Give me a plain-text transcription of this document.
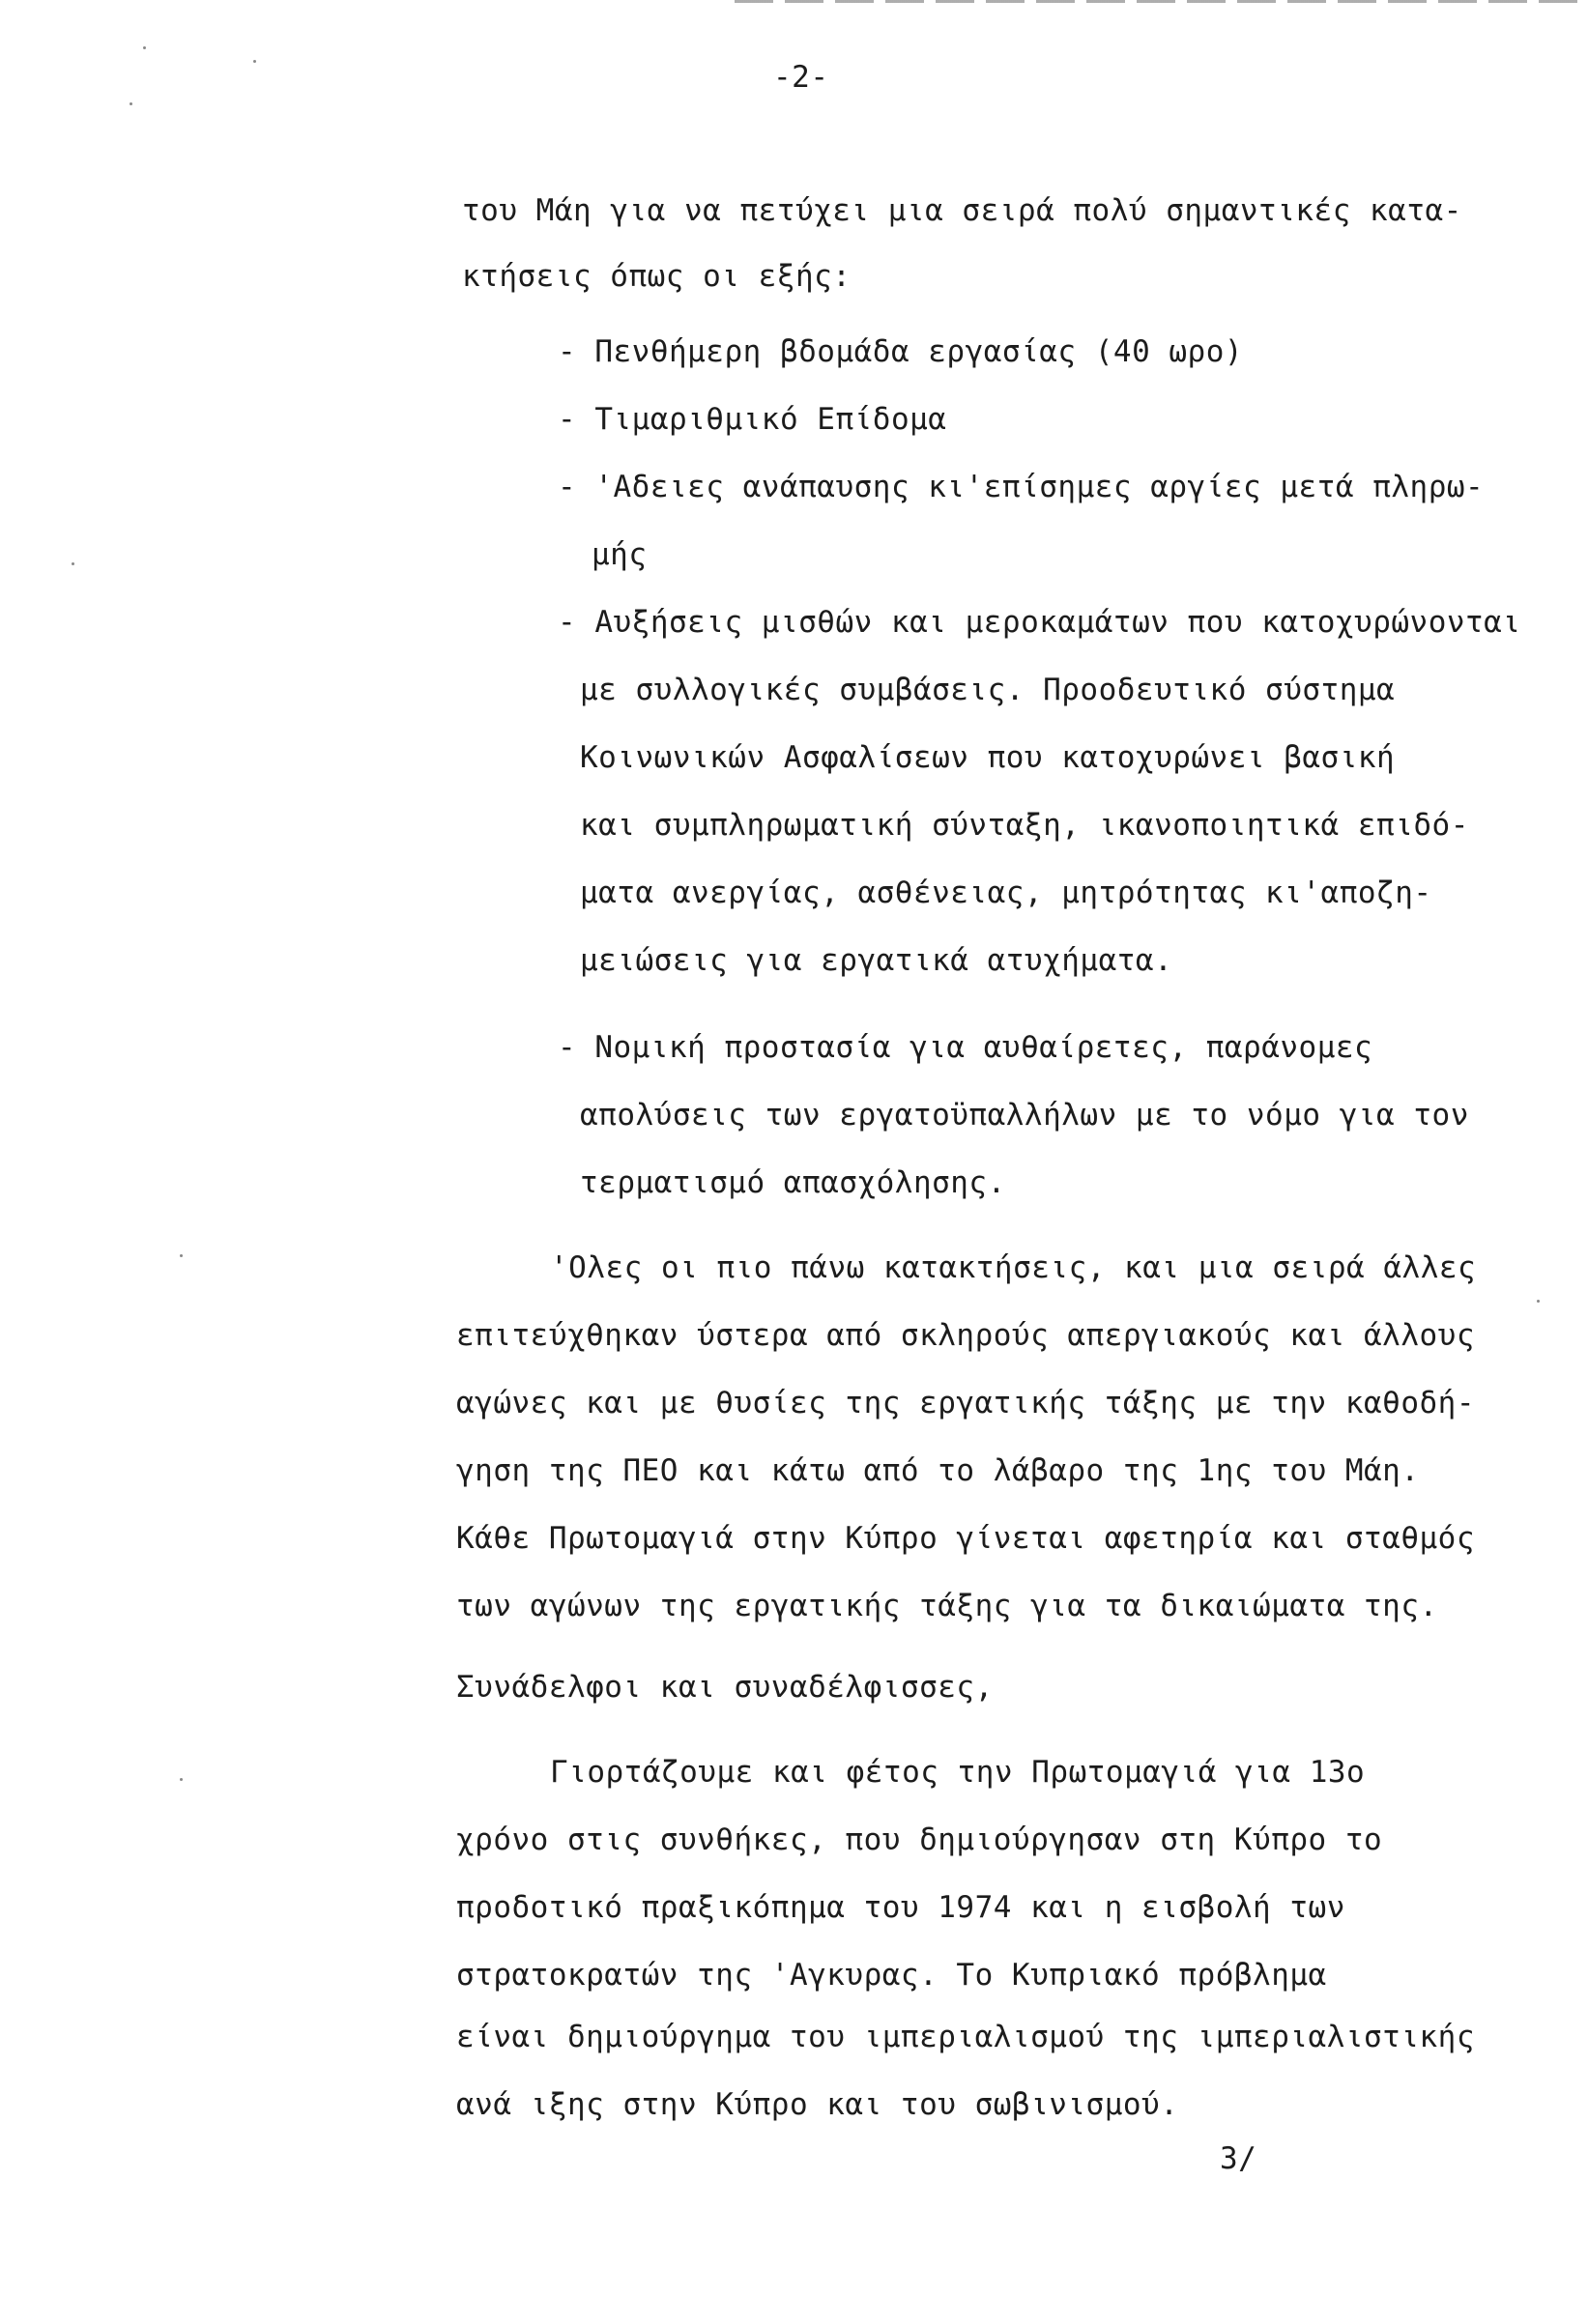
-2-

του Μάη για να πετύχει μια σειρά πολύ σημαντικές κατα-

κτήσεις όπως οι εξής:

- Πενθήμερη βδομάδα εργασίας (40 ωρο)

- Τιμαριθμικό Επίδομα

- 'Αδειες ανάπαυσης κι'επίσημες αργίες μετά πληρω-

μής

- Αυξήσεις μισθών και μεροκαμάτων που κατοχυρώνονται

με συλλογικές συμβάσεις. Προοδευτικό σύστημα

Κοινωνικών Ασφαλίσεων που κατοχυρώνει βασική

και συμπληρωματική σύνταξη, ικανοποιητικά επιδό-

ματα ανεργίας, ασθένειας, μητρότητας κι'αποζη-

μειώσεις για εργατικά ατυχήματα.

- Νομική προστασία για αυθαίρετες, παράνομες

απολύσεις των εργατοϋπαλλήλων με το νόμο για τον

τερματισμό απασχόλησης.

'Ολες οι πιο πάνω κατακτήσεις, και μια σειρά άλλες

επιτεύχθηκαν ύστερα από σκληρούς απεργιακούς και άλλους

αγώνες και με θυσίες της εργατικής τάξης με την καθοδή-

γηση της ΠΕΟ και κάτω από το λάβαρο της 1ης του Μάη.

Κάθε Πρωτομαγιά στην Κύπρο γίνεται αφετηρία και σταθμός

των αγώνων της εργατικής τάξης για τα δικαιώματα της.

Συνάδελφοι και συναδέλφισσες,

Γιορτάζουμε και φέτος την Πρωτομαγιά για 13ο

χρόνο στις συνθήκες, που δημιούργησαν στη Κύπρο το

προδοτικό πραξικόπημα του 1974 και η εισβολή των

στρατοκρατών της 'Αγκυρας. Το Κυπριακό πρόβλημα

είναι δημιούργημα του ιμπεριαλισμού της ιμπεριαλιστικής

ανά ιξης στην Κύπρο και του σωβινισμού.

3/
